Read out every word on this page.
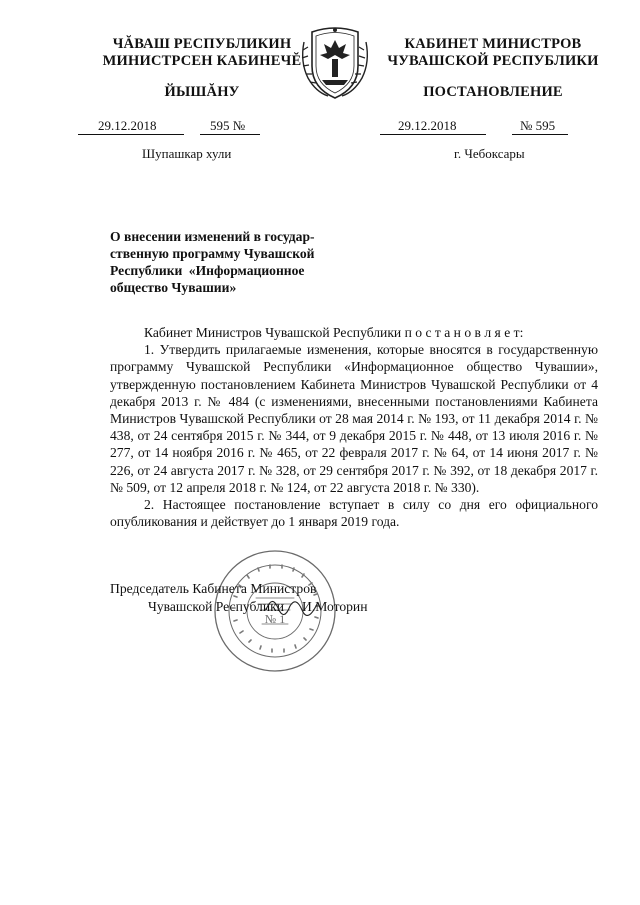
ЧĂВАШ РЕСПУБЛИКИН
МИНИСТРСЕН КАБИНЕЧĔ
ЙЫШĂНУ
КАБИНЕТ МИНИСТРОВ
ЧУВАШСКОЙ РЕСПУБЛИКИ
ПОСТАНОВЛЕНИЕ
29.12.2018	595 №	29.12.2018	№ 595
Шупашкар хули	г. Чебоксары
О внесении изменений в государ-
ственную программу Чувашской
Республики «Информационное
общество Чувашии»

Кабинет Министров Чувашской Республики п о с т а н о в л я е т:

1. Утвердить прилагаемые изменения, которые вносятся в государственную программу Чувашской Республики «Информационное общество Чувашии», утвержденную постановлением Кабинета Министров Чувашской Республики от 4 декабря 2013 г. № 484 (с изменениями, внесенными постановлениями Кабинета Министров Чувашской Республики от 28 мая 2014 г. № 193, от 11 декабря 2014 г. № 438, от 24 сентября 2015 г. № 344, от 9 декабря 2015 г. № 448, от 13 июля 2016 г. № 277, от 14 ноября 2016 г. № 465, от 22 февраля 2017 г. № 64, от 14 июня 2017 г. № 226, от 24 августа 2017 г. № 328, от 29 сентября 2017 г. № 392, от 18 декабря 2017 г. № 509, от 12 апреля 2018 г. № 124, от 22 августа 2018 г. № 330).

2. Настоящее постановление вступает в силу со дня его официального опубликования и действует до 1 января 2019 года.

№ 1
Председатель Кабинета Министров
Чувашской Республики И.Моторин
